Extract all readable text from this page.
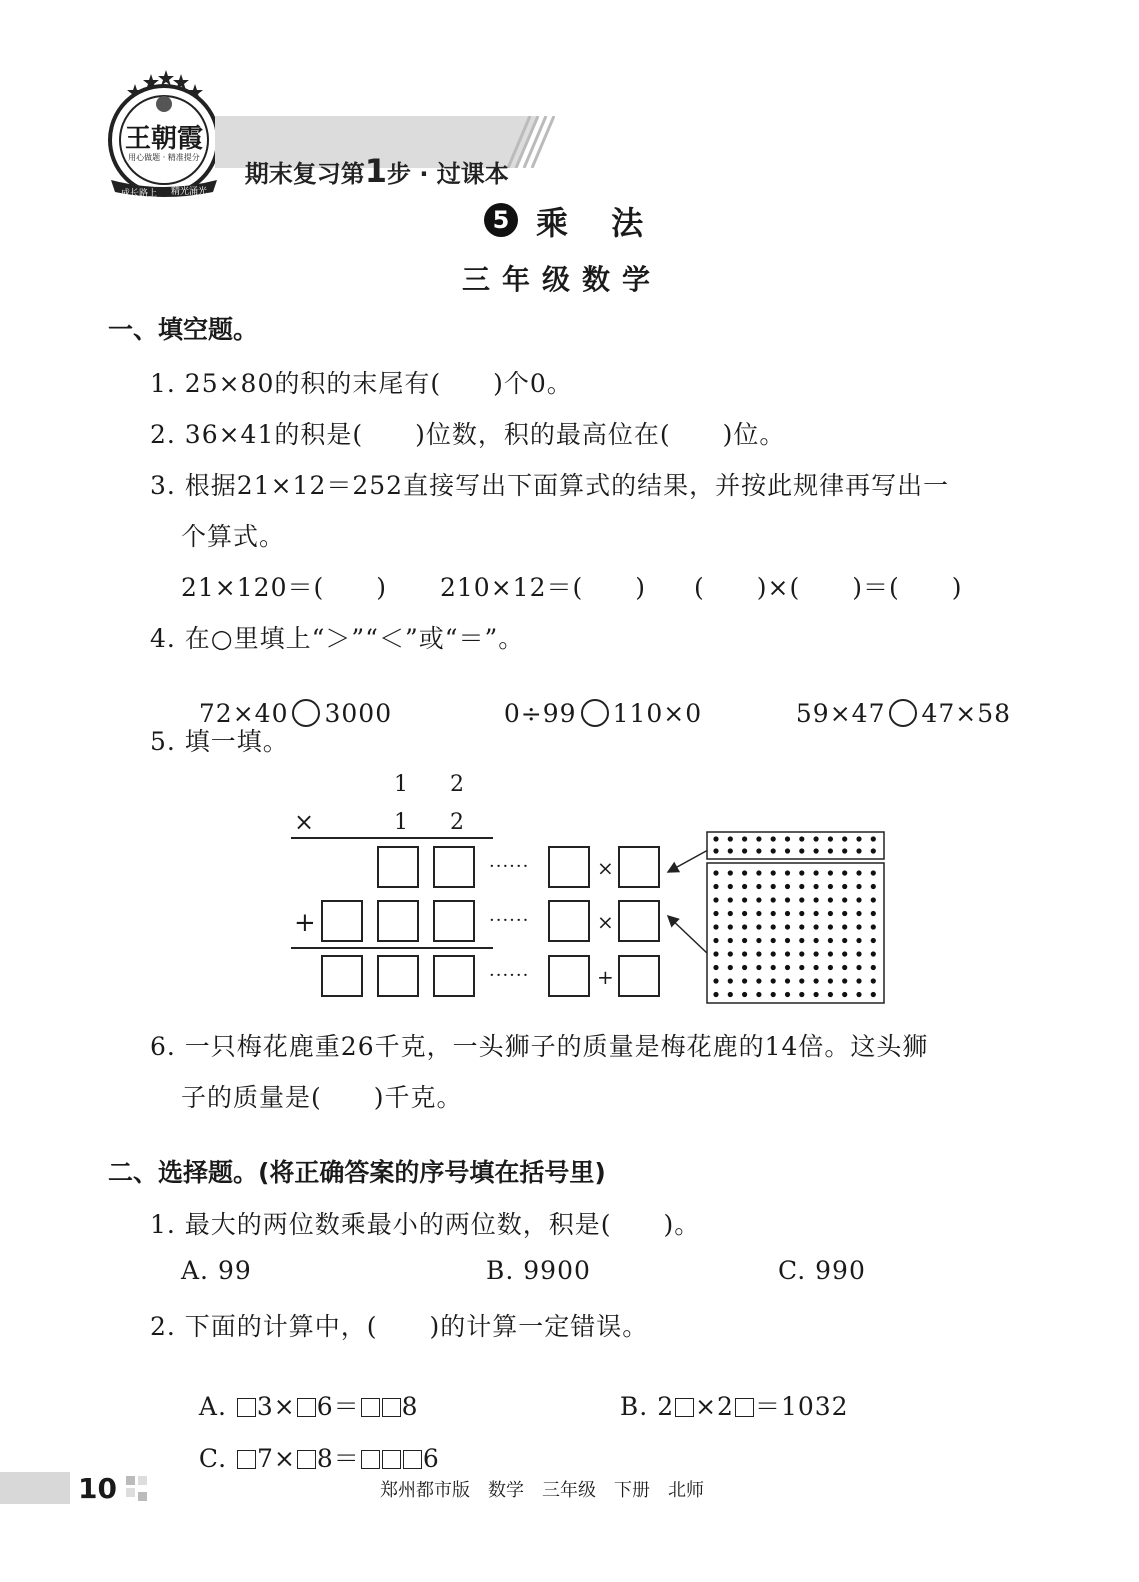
王朝霞
用心做题 · 精准提分
成长路上 精光涌光

期末复习第1步 · 过课本

5 乘 法
三年级数学
一、填空题。
1. 25×80的积的末尾有(　　)个0。
2. 36×41的积是(　　)位数，积的最高位在(　　)位。
3. 根据21×12＝252直接写出下面算式的结果，并按此规律再写出一
个算式。
21×120＝(　　) 210×12＝(　　) (　　)×(　　)＝(　　)
4. 在○里填上“＞”“＜”或“＝”。

72×40 3000	0÷99 110×0	59×47 47×58

5. 填一填。
1 2
×	1 2
······	×
+	······	×
······	+
6. 一只梅花鹿重26千克，一头狮子的质量是梅花鹿的14倍。这头狮
子的质量是(　　)千克。
二、选择题。(将正确答案的序号填在括号里)
1. 最大的两位数乘最小的两位数，积是(　　)。
A. 99	B. 9900	C. 990
2. 下面的计算中，(　　)的计算一定错误。

A. 3× 6＝ 8	B. 2 ×2 ＝1032

C. 7× 8＝	6

10	郑州都市版　数学　三年级　下册　北师
